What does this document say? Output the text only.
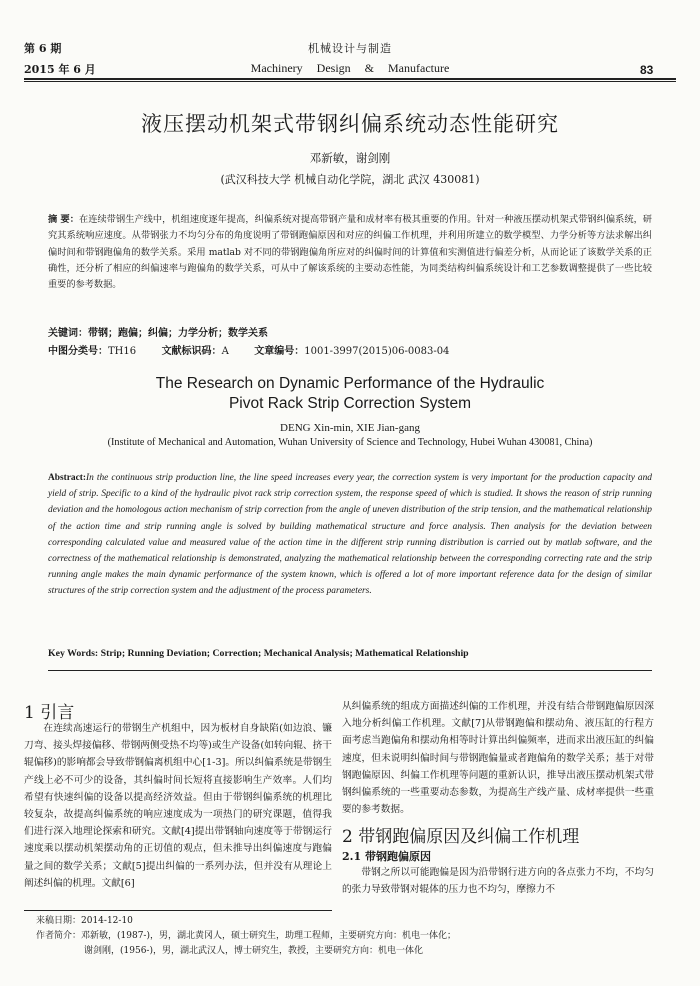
第 6 期
2015 年 6 月
机械设计与制造
Machinery Design & Manufacture	83
液压摆动机架式带钢纠偏系统动态性能研究
邓新敏，谢剑刚
(武汉科技大学 机械自动化学院，湖北 武汉 430081)
摘 要：在连续带钢生产线中，机组速度逐年提高，纠偏系统对提高带钢产量和成材率有极其重要的作用。针对一种液压摆动机架式带钢纠偏系统，研究其系统响应速度。从带钢张力不均匀分布的角度说明了带钢跑偏原因和对应的纠偏工作机理，并利用所建立的数学模型、力学分析等方法求解出纠偏时间和带钢跑偏角的数学关系。采用 matlab 对不同的带钢跑偏角所应对的纠偏时间的计算值和实测值进行偏差分析，从而论证了该数学关系的正确性，还分析了相应的纠偏速率与跑偏角的数学关系，可从中了解该系统的主要动态性能，为同类结构纠偏系统设计和工艺参数调整提供了一些比较重要的参考数据。
关键词：带钢；跑偏；纠偏；力学分析；数学关系
中图分类号：TH16	文献标识码：A	文章编号：1001-3997(2015)06-0083-04
The Research on Dynamic Performance of the Hydraulic
Pivot Rack Strip Correction System
DENG Xin-min, XIE Jian-gang
(Institute of Mechanical and Automation, Wuhan University of Science and Technology, Hubei Wuhan 430081, China)
Abstract:In the continuous strip production line, the line speed increases every year, the correction system is very important for the production capacity and yield of strip. Specific to a kind of the hydraulic pivot rack strip correction system, the response speed of which is studied. It shows the reason of strip running deviation and the homologous action mechanism of strip correction from the angle of uneven distribution of the strip tension, and the mathematical relationship of the action time and strip running angle is solved by building mathematical structure and force analysis. Then analysis for the deviation between corresponding calculated value and measured value of the action time in the different strip running distribution is carried out by matlab software, and the correctness of the mathematical relationship is demonstrated, analyzing the mathematical relationship between the corresponding correcting rate and the strip running angle makes the main dynamic performance of the system known, which is offered a lot of more important reference data for the design of similar structures of the strip correction system and the adjustment of the process parameters.
Key Words: Strip; Running Deviation; Correction; Mechanical Analysis; Mathematical Relationship
1 引言

在连续高速运行的带钢生产机组中，因为板材自身缺陷(如边浪、镰刀弯、接头焊接偏移、带钢两侧受热不均等)或生产设备(如转向辊、挤干辊偏移)的影响都会导致带钢偏离机组中心[1-3]。所以纠偏系统是带钢生产线上必不可少的设备，其纠偏时间长短将直接影响生产效率。人们均希望有快速纠偏的设备以提高经济效益。但由于带钢纠偏系统的机理比较复杂，故提高纠偏系统的响应速度成为一项热门的研究课题，值得我们进行深入地理论探索和研究。文献[4]提出带钢轴向速度等于带钢运行速度乘以摆动机架摆动角的正切值的观点，但未推导出纠偏速度与跑偏量之间的数学关系；文献[5]提出纠偏的一系列办法，但并没有从理论上阐述纠偏的机理。文献[6]

从纠偏系统的组成方面描述纠偏的工作机理，并没有结合带钢跑偏原因深入地分析纠偏工作机理。文献[7]从带钢跑偏和摆动角、液压缸的行程方面考虑当跑偏角和摆动角相等时计算出纠偏频率，进而求出液压缸的纠偏速度，但未说明纠偏时间与带钢跑偏量或者跑偏角的数学关系；基于对带钢跑偏原因、纠偏工作机理等问题的重新认识，推导出液压摆动机架式带钢纠偏系统的一些重要动态参数，为提高生产线产量、成材率提供一些重要的参考数据。

2 带钢跑偏原因及纠偏工作机理
2.1 带钢跑偏原因

带钢之所以可能跑偏是因为沿带钢行进方向的各点张力不均，不均匀的张力导致带钢对辊体的压力也不均匀，摩擦力不

来稿日期：2014-12-10
作者简介：邓新敏，(1987-)，男，湖北黄冈人，硕士研究生，助理工程师，主要研究方向：机电一体化；
谢剑刚，(1956-)，男，湖北武汉人，博士研究生，教授，主要研究方向：机电一体化
